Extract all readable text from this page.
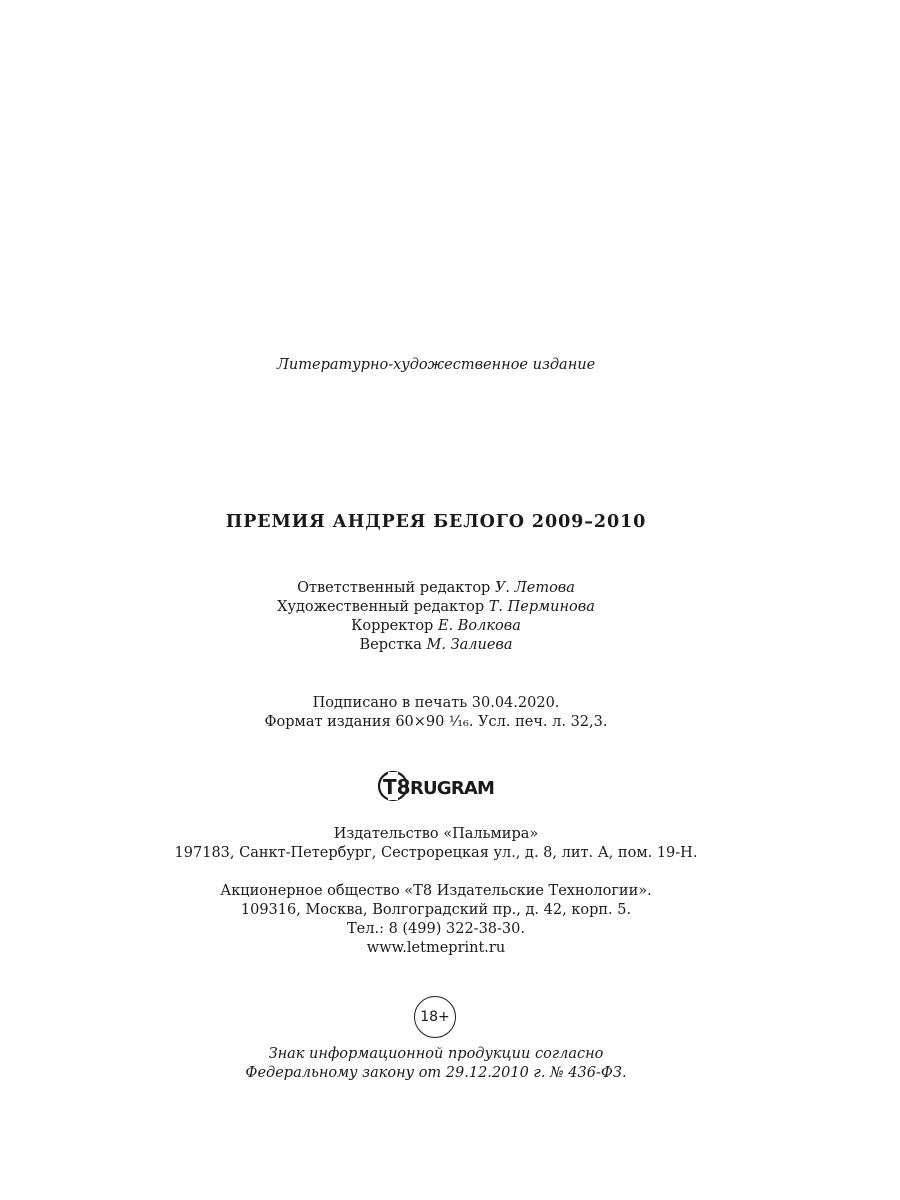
Литературно-художественное издание
ПРЕМИЯ АНДРЕЯ БЕЛОГО 2009–2010
Ответственный редактор У. Летова
Художественный редактор Т. Перминова
Корректор Е. Волкова
Верстка М. Залиева
Подписано в печать 30.04.2020.
Формат издания 60×90 ¹⁄₁₆. Усл. печ. л. 32,3.
T8 RUGRAM
Издательство «Пальмира»
197183, Санкт-Петербург, Сестрорецкая ул., д. 8, лит. А, пом. 19-Н.
Акционерное общество «Т8 Издательские Технологии».
109316, Москва, Волгоградский пр., д. 42, корп. 5.
Тел.: 8 (499) 322-38-30.
www.letmeprint.ru
18+
Знак информационной продукции согласно
Федеральному закону от 29.12.2010 г. № 436-ФЗ.
